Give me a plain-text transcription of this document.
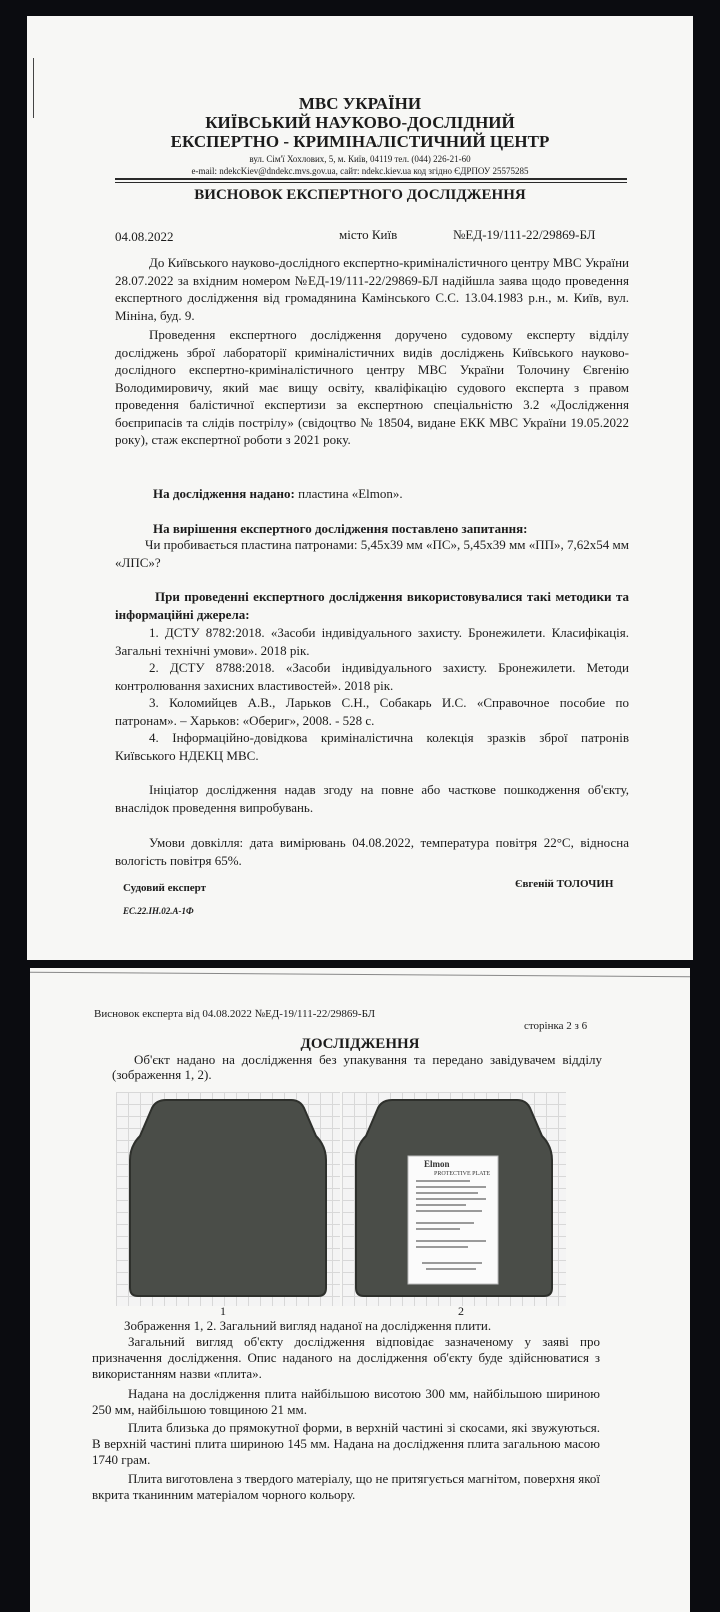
МВС УКРАЇНИ
КИЇВСЬКИЙ НАУКОВО-ДОСЛІДНИЙ
ЕКСПЕРТНО - КРИМІНАЛІСТИЧНИЙ ЦЕНТР
вул. Сім'ї Хохлових, 5, м. Київ, 04119 тел. (044) 226-21-60
e-mail: ndekcKiev@dndekc.mvs.gov.ua, сайт: ndekc.kiev.ua код згідно ЄДРПОУ 25575285
ВИСНОВОК ЕКСПЕРТНОГО ДОСЛІДЖЕННЯ
04.08.2022	місто Київ	№ЕД-19/111-22/29869-БЛ
До Київського науково-дослідного експертно-криміналістичного центру МВС України 28.07.2022 за вхідним номером №ЕД-19/111-22/29869-БЛ надійшла заява щодо проведення експертного дослідження від громадянина Камінського С.С. 13.04.1983 р.н., м. Київ, вул. Мініна, буд. 9.
Проведення експертного дослідження доручено судовому експерту відділу досліджень зброї лабораторії криміналістичних видів досліджень Київського науково-дослідного експертно-криміналістичного центру МВС України Толочину Євгенію Володимировичу, який має вищу освіту, кваліфікацію судового експерта з правом проведення балістичної експертизи за експертною спеціальністю 3.2 «Дослідження боєприпасів та слідів пострілу» (свідоцтво № 18504, видане ЕКК МВС України 19.05.2022 року), стаж експертної роботи з 2021 року.
На дослідження надано: пластина «Elmon».
На вирішення експертного дослідження поставлено запитання:
Чи пробивається пластина патронами: 5,45х39 мм «ПС», 5,45х39 мм «ПП», 7,62х54 мм «ЛПС»?
При проведенні експертного дослідження використовувалися такі методики та інформаційні джерела:
1. ДСТУ 8782:2018. «Засоби індивідуального захисту. Бронежилети. Класифікація. Загальні технічні умови». 2018 рік.
2. ДСТУ 8788:2018. «Засоби індивідуального захисту. Бронежилети. Методи контролювання захисних властивостей». 2018 рік.
3. Коломийцев А.В., Ларьков С.Н., Собакарь И.С. «Справочное пособие по патронам». – Харьков: «Обериг», 2008. - 528 с.
4. Інформаційно-довідкова криміналістична колекція зразків зброї патронів Київського НДЕКЦ МВС.
Ініціатор дослідження надав згоду на повне або часткове пошкодження об'єкту, внаслідок проведення випробувань.
Умови довкілля: дата вимірювань 04.08.2022, температура повітря 22°С, відносна вологість повітря 65%.
Судовий експерт	Євгеній ТОЛОЧИН
ЕС.22.ІН.02.А-1Ф
Висновок експерта від 04.08.2022 №ЕД-19/111-22/29869-БЛ
сторінка 2 з 6
ДОСЛІДЖЕННЯ
Об'єкт надано на дослідження без упакування та передано завідувачем відділу (зображення 1, 2).
1
Elmon
PROTECTIVE PLATE
2
Зображення 1, 2. Загальний вигляд наданої на дослідження плити.
Загальний вигляд об'єкту дослідження відповідає зазначеному у заяві про призначення дослідження. Опис наданого на дослідження об'єкту буде здійснюватися з використанням назви «плита».
Надана на дослідження плита найбільшою висотою 300 мм, найбільшою шириною 250 мм, найбільшою товщиною 21 мм.
Плита близька до прямокутної форми, в верхній частині зі скосами, які звужуються. В верхній частині плита шириною 145 мм. Надана на дослідження плита загальною масою 1740 грам.
Плита виготовлена з твердого матеріалу, що не притягується магнітом, поверхня якої вкрита тканинним матеріалом чорного кольору.
